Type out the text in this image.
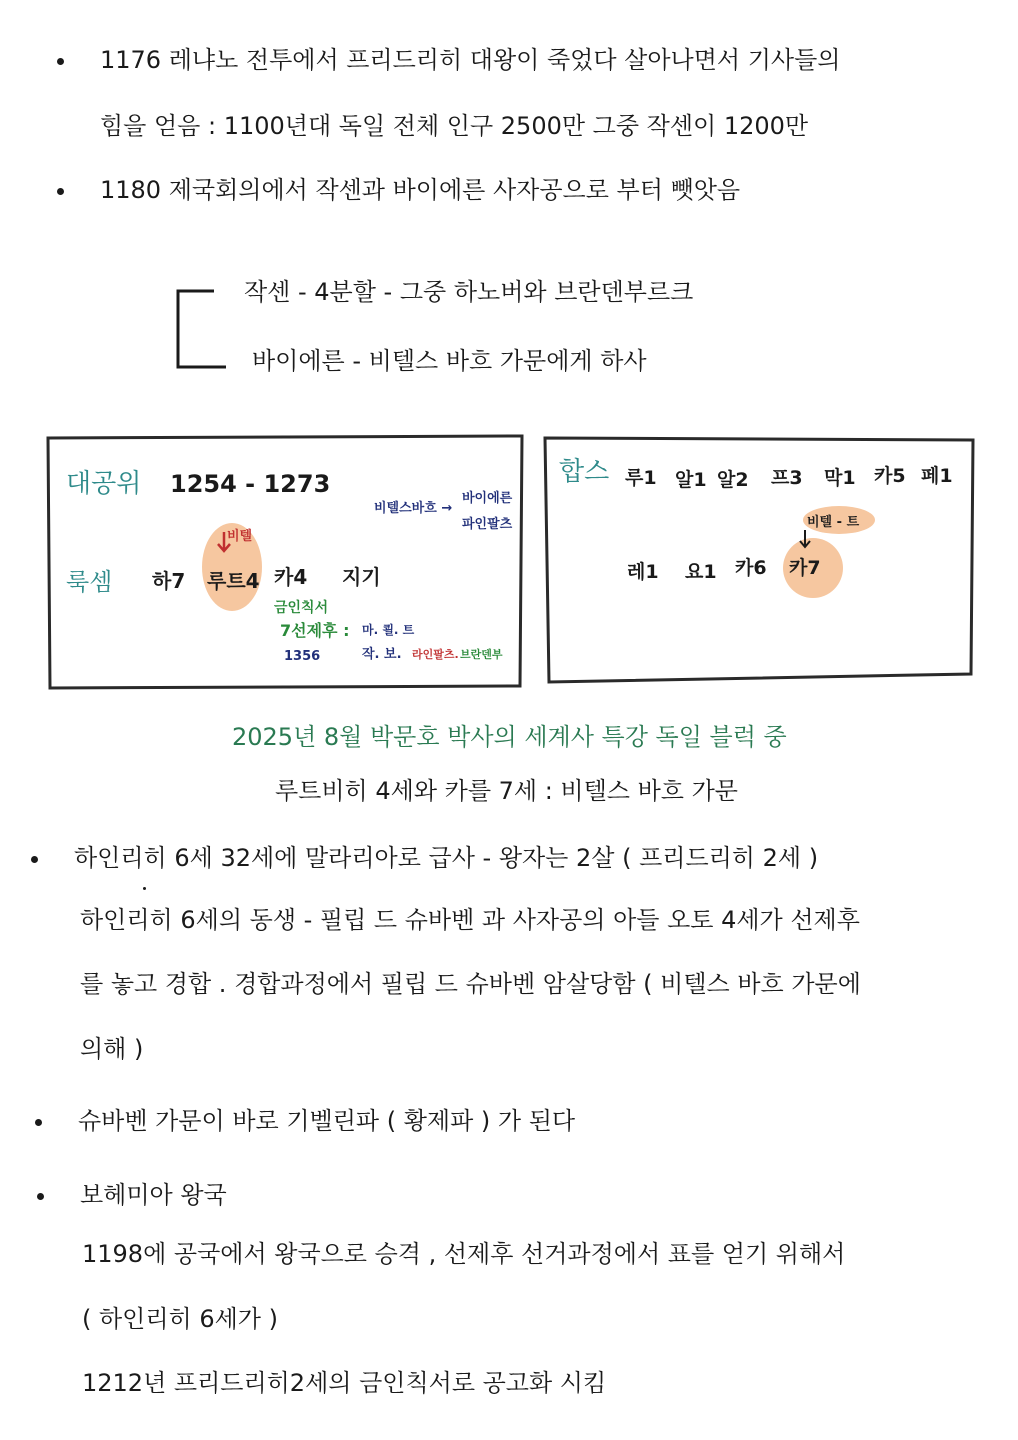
1176 레냐노 전투에서 프리드리히 대왕이 죽었다 살아나면서 기사들의
힘을 얻음 : 1100년대 독일 전체 인구 2500만 그중 작센이 1200만
1180 제국회의에서 작센과 바이에른 사자공으로 부터 뺏앗음
작센 - 4분할 - 그중 하노버와 브란덴부르크
바이에른 - 비텔스 바흐 가문에게 하사
비텔
대공위 1254 - 1273
비텔스바흐 →
바이에른
파인팔츠
룩셈 하7 루트4 카4 지기
금인칙서
7선제후 : 마. 쾰. 트
1356	작. 보. 라인팔츠. 브란덴부
합스 루1 알1 알2 프3 막1 카5 페1
비텔 - 트
레1 요1 카6 카7
2025년 8월 박문호 박사의 세계사 특강 독일 블럭 중
루트비히 4세와 카를 7세 : 비텔스 바흐 가문
하인리히 6세 32세에 말라리아로 급사 - 왕자는 2살 ( 프리드리히 2세 )
하인리히 6세의 동생 - 필립 드 슈바벤 과 사자공의 아들 오토 4세가 선제후
를 놓고 경합 . 경합과정에서 필립 드 슈바벤 암살당함 ( 비텔스 바흐 가문에
의해 )
슈바벤 가문이 바로 기벨린파 ( 황제파 ) 가 된다
보헤미아 왕국
1198에 공국에서 왕국으로 승격 , 선제후 선거과정에서 표를 얻기 위해서
( 하인리히 6세가 )
1212년 프리드리히2세의 금인칙서로 공고화 시킴
